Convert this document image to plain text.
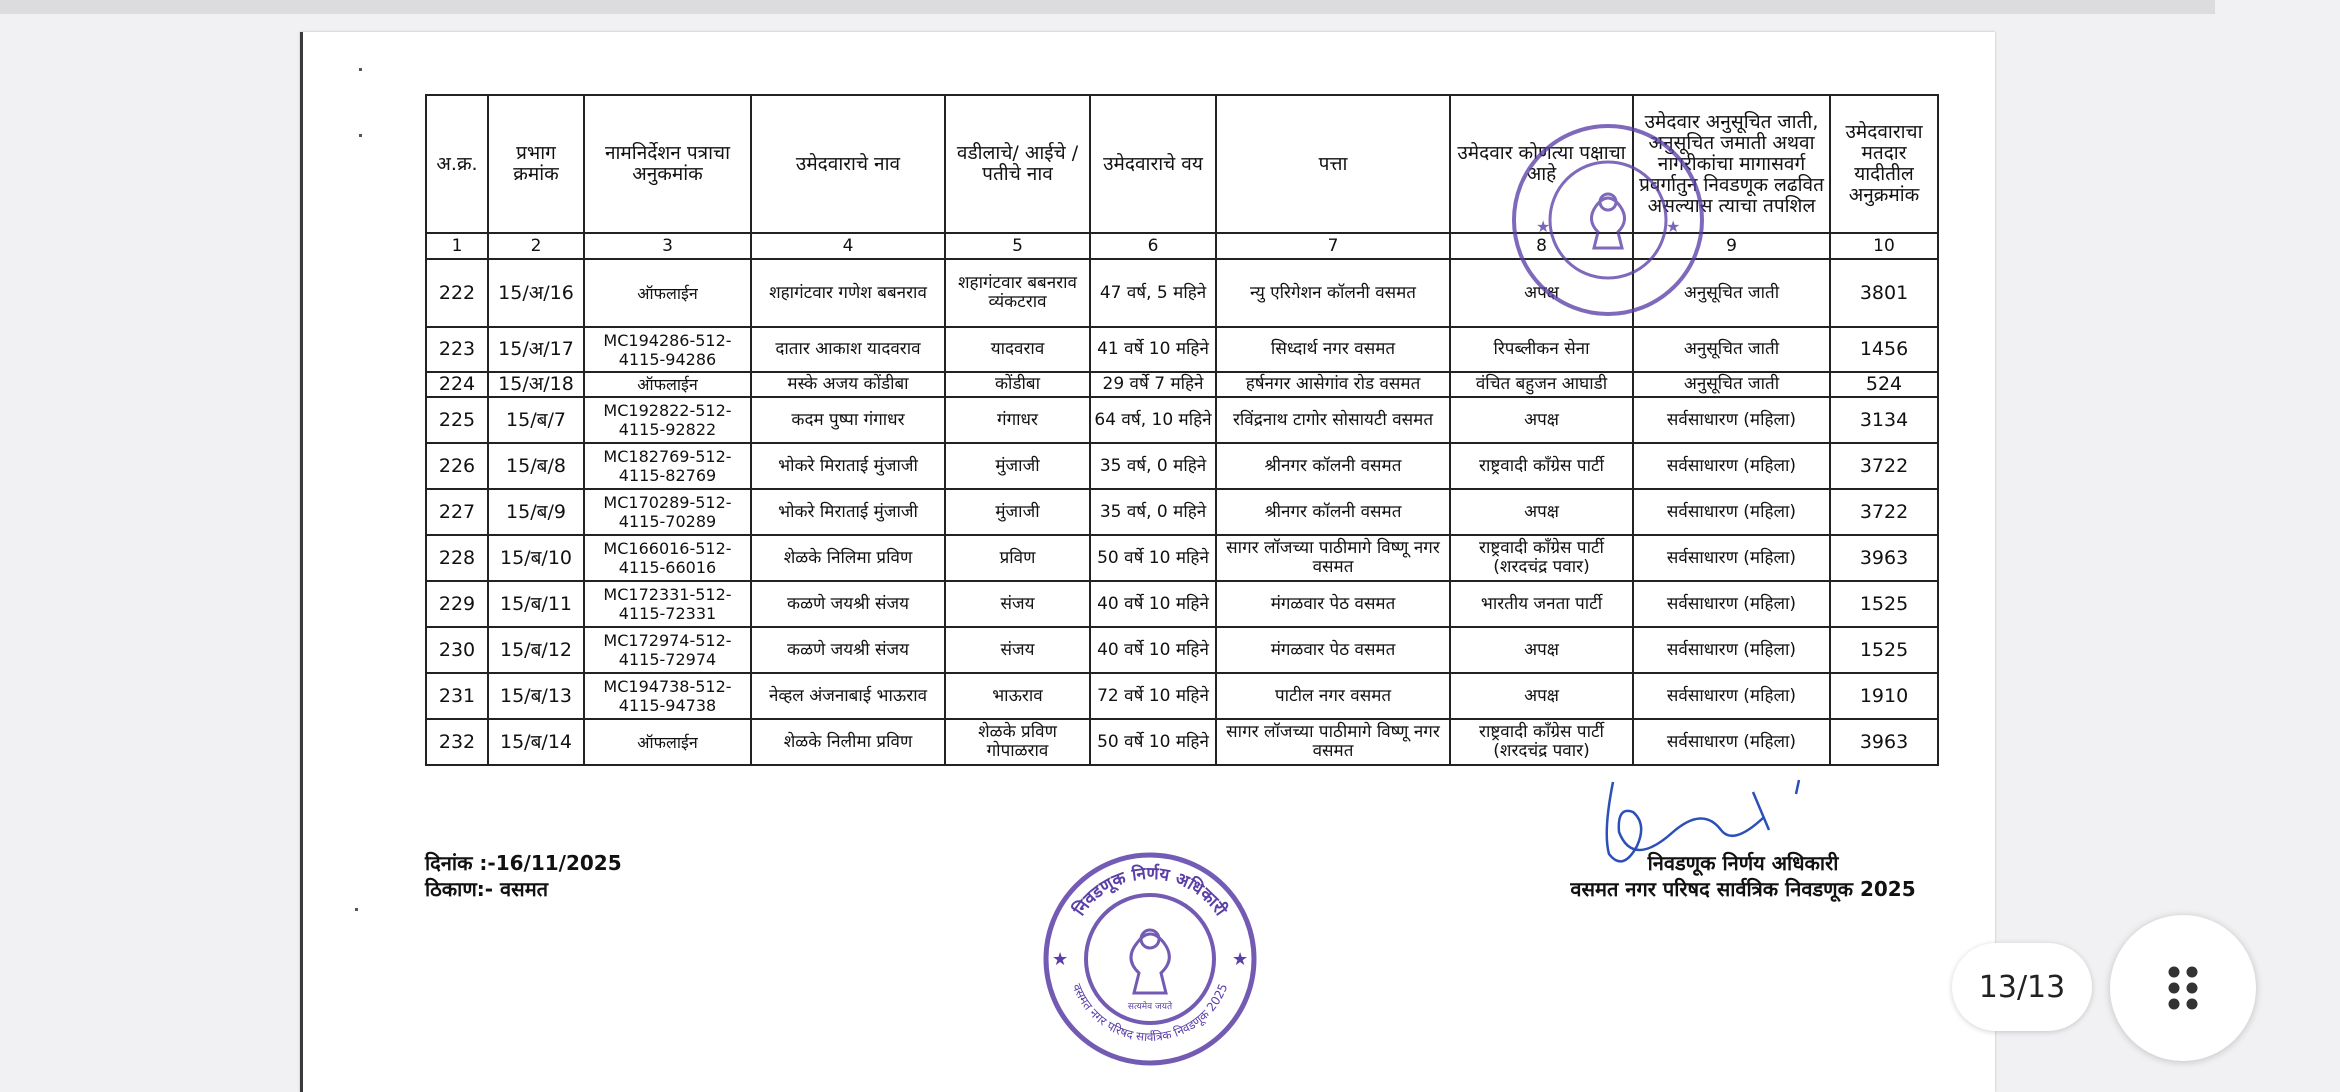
अ.क्र.	प्रभाग क्रमांक	नामनिर्देशन पत्राचा अनुकमांक	उमेदवाराचे नाव	वडीलाचे/ आईचे / पतीचे नाव	उमेदवाराचे वय	पत्ता	उमेदवार कोणत्या पक्षाचा आहे	उमेदवार अनुसूचित जाती, अनुसूचित जमाती अथवा नागरीकांचा मागासवर्ग प्रवर्गातुन निवडणूक लढवित असल्यास त्याचा तपशिल	उमेदवाराचा मतदार यादीतील अनुक्रमांक
1	2	3	4	5	6	7	8	9	10
222	15/अ/16	ऑफलाईन	शहागंटवार गणेश बबनराव	शहागंटवार बबनराव व्यंकटराव	47 वर्ष, 5 महिने	न्यु एरिगेशन कॉलनी वसमत	अपक्ष	अनुसूचित जाती	3801
223	15/अ/17	MC194286-512-4115-94286	दातार आकाश यादवराव	यादवराव	41 वर्षे 10 महिने	सिध्दार्थ नगर वसमत	रिपब्लीकन सेना	अनुसूचित जाती	1456
224	15/अ/18	ऑफलाईन	मस्के अजय कोंडीबा	कोंडीबा	29 वर्षे 7 महिने	हर्षनगर आसेगांव रोड वसमत	वंचित बहुजन आघाडी	अनुसूचित जाती	524
225	15/ब/7	MC192822-512-4115-92822	कदम पुष्पा गंगाधर	गंगाधर	64 वर्ष, 10 महिने	रविंद्रनाथ टागोर सोसायटी वसमत	अपक्ष	सर्वसाधारण (महिला)	3134
226	15/ब/8	MC182769-512-4115-82769	भोकरे मिराताई मुंजाजी	मुंजाजी	35 वर्ष, 0 महिने	श्रीनगर कॉलनी वसमत	राष्ट्रवादी कॉंग्रेस पार्टी	सर्वसाधारण (महिला)	3722
227	15/ब/9	MC170289-512-4115-70289	भोकरे मिराताई मुंजाजी	मुंजाजी	35 वर्ष, 0 महिने	श्रीनगर कॉलनी वसमत	अपक्ष	सर्वसाधारण (महिला)	3722
228	15/ब/10	MC166016-512-4115-66016	शेळके निलिमा प्रविण	प्रविण	50 वर्षे 10 महिने	सागर लॉजच्या पाठीमागे विष्णू नगर वसमत	राष्ट्रवादी कॉंग्रेस पार्टी (शरदचंद्र पवार)	सर्वसाधारण (महिला)	3963
229	15/ब/11	MC172331-512-4115-72331	कळणे जयश्री संजय	संजय	40 वर्षे 10 महिने	मंगळवार पेठ वसमत	भारतीय जनता पार्टी	सर्वसाधारण (महिला)	1525
230	15/ब/12	MC172974-512-4115-72974	कळणे जयश्री संजय	संजय	40 वर्षे 10 महिने	मंगळवार पेठ वसमत	अपक्ष	सर्वसाधारण (महिला)	1525
231	15/ब/13	MC194738-512-4115-94738	नेव्हल अंजनाबाई भाऊराव	भाऊराव	72 वर्षे 10 महिने	पाटील नगर वसमत	अपक्ष	सर्वसाधारण (महिला)	1910
232	15/ब/14	ऑफलाईन	शेळके निलीमा प्रविण	शेळके प्रविण गोपाळराव	50 वर्षे 10 महिने	सागर लॉजच्या पाठीमागे विष्णू नगर वसमत	राष्ट्रवादी कॉंग्रेस पार्टी (शरदचंद्र पवार)	सर्वसाधारण (महिला)	3963
★	★
दिनांक :-16/11/2025
ठिकाण:- वसमत
निवडणूक निर्णय अधिकारी
वसमत नगर परिषद सार्वत्रिक निवडणूक 2025
निवडणूक निर्णय अधिकारी
वसमत नगर परिषद सार्वत्रिक निवडणूक 2025
सत्यमेव जयते
★	★
13/13
